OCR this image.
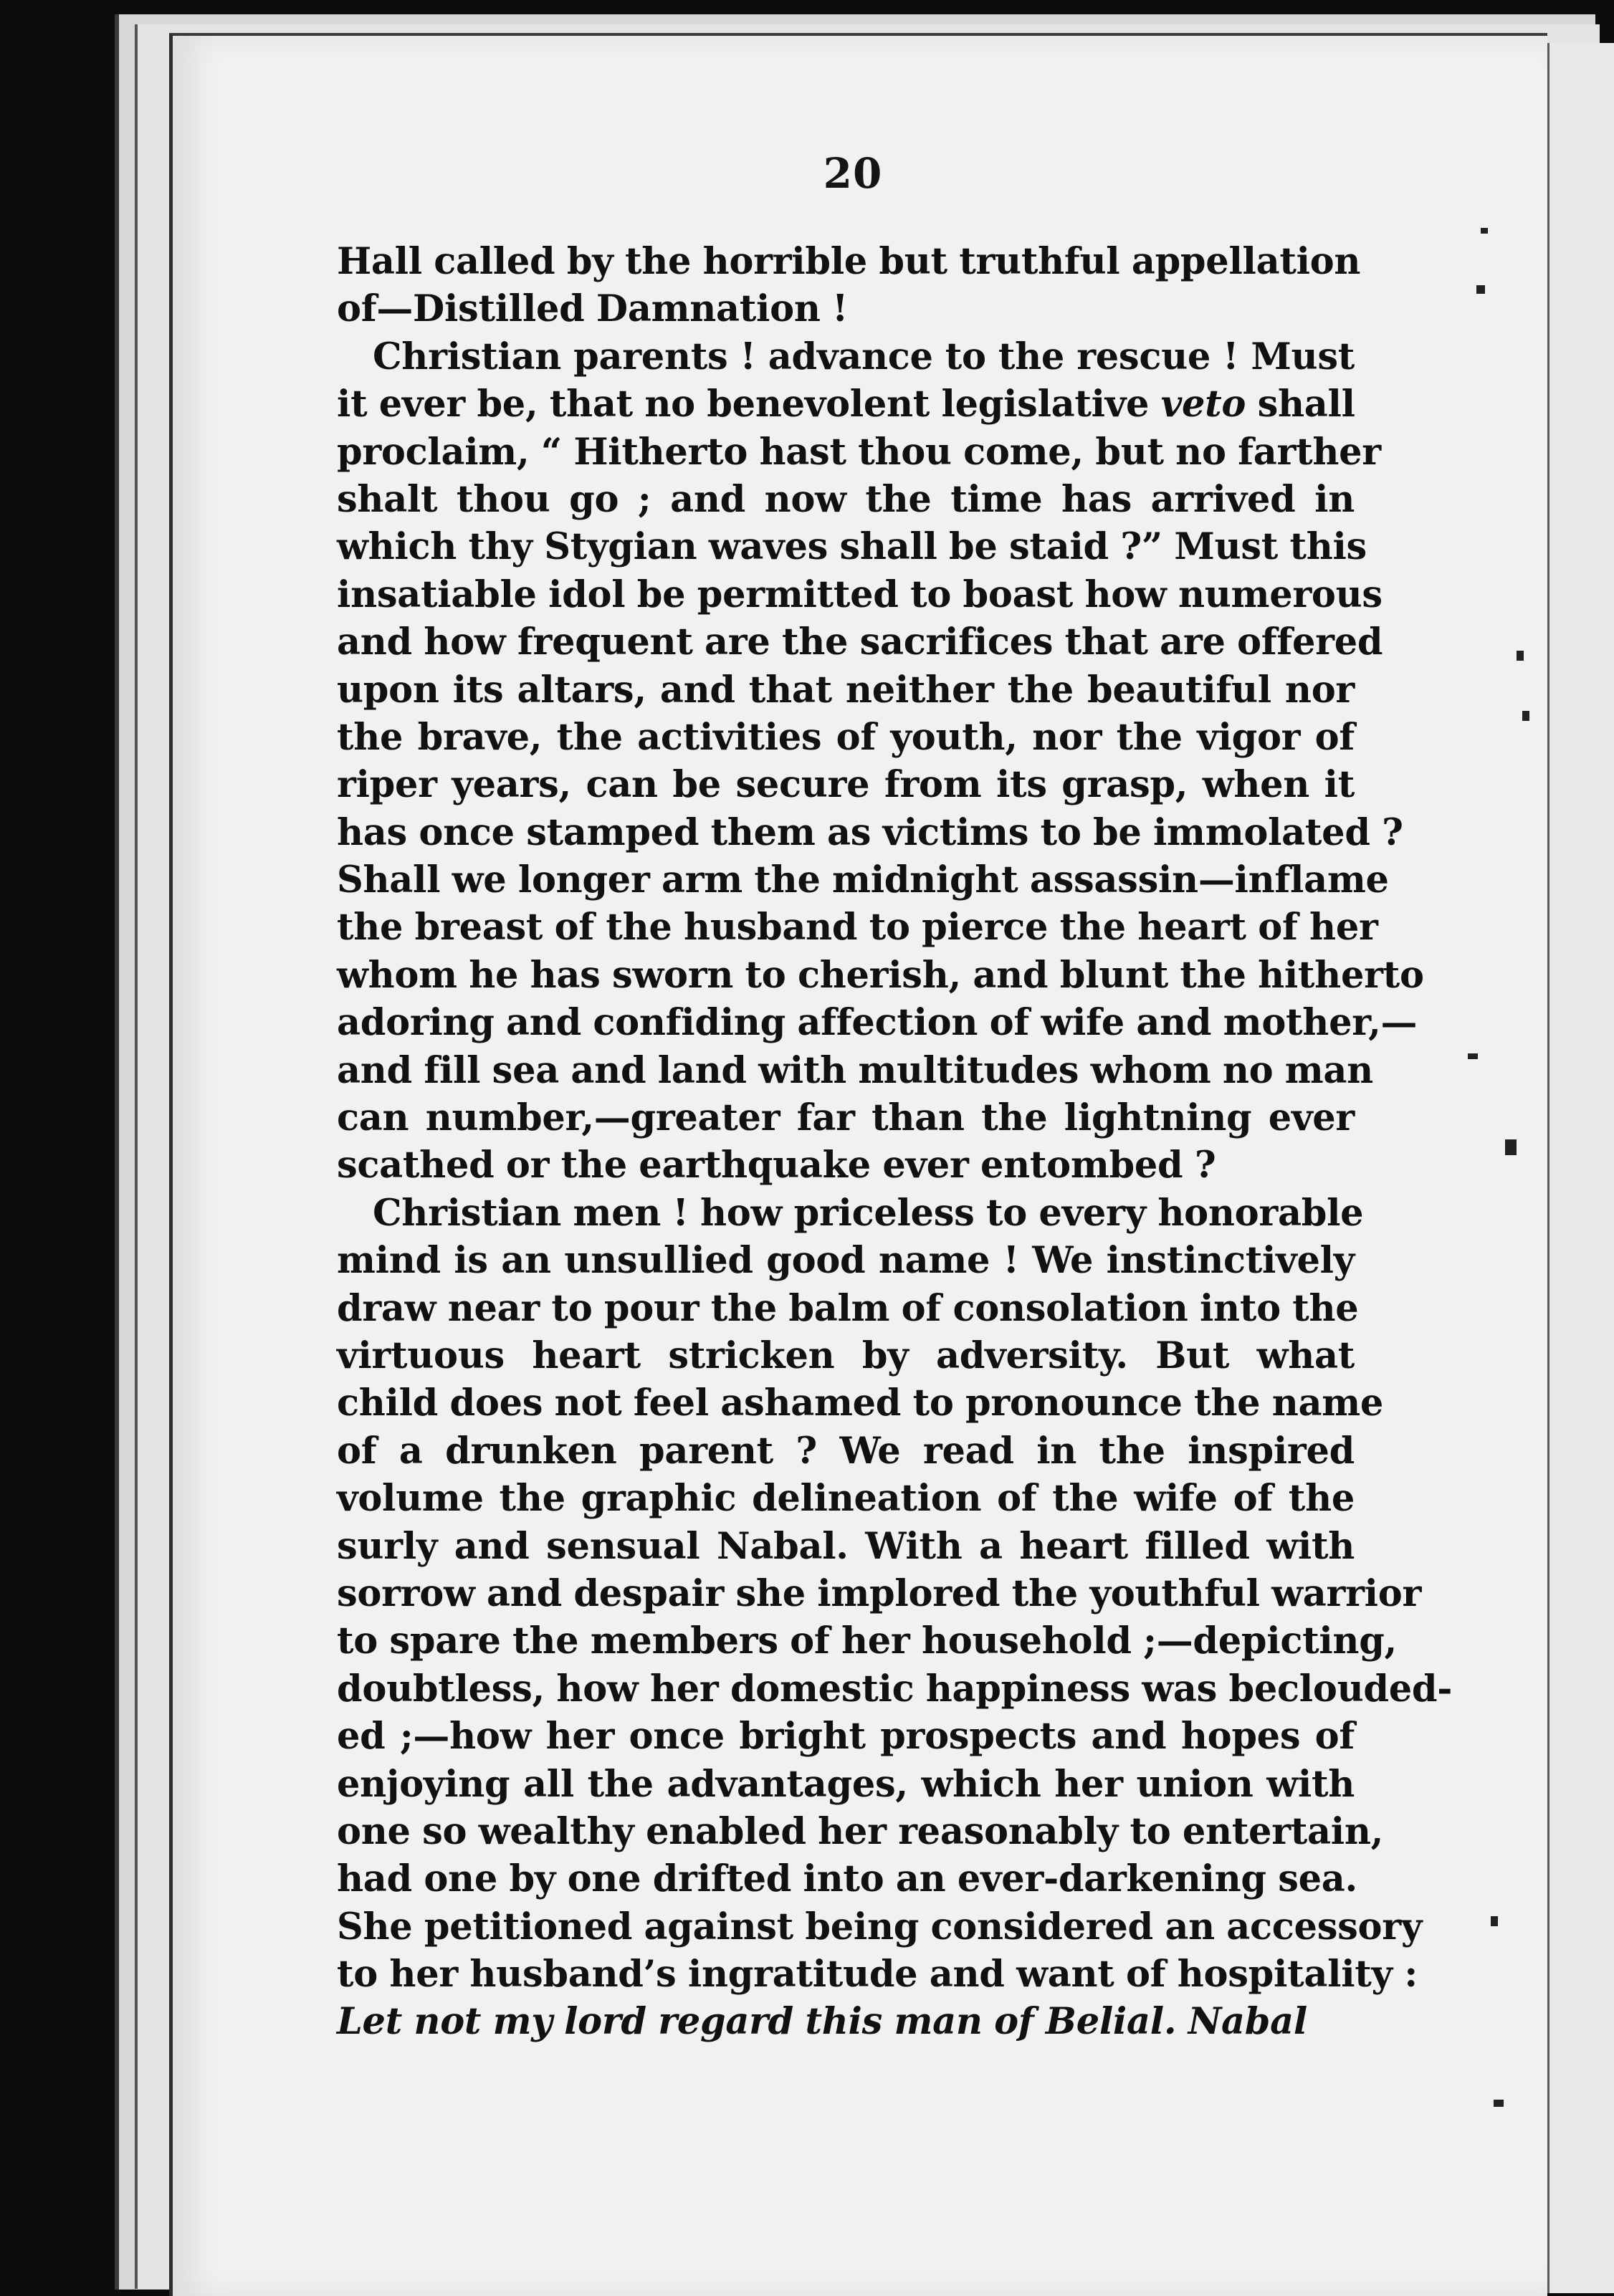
20
Hall called by the horrible but truthful appellation
of—Distilled Damnation !
Christian parents ! advance to the rescue ! Must
it ever be, that no benevolent legislative veto shall
proclaim, “ Hitherto hast thou come, but no farther
shalt thou go ; and now the time has arrived in
which thy Stygian waves shall be staid ?” Must this
insatiable idol be permitted to boast how numerous
and how frequent are the sacrifices that are offered
upon its altars, and that neither the beautiful nor
the brave, the activities of youth, nor the vigor of
riper years, can be secure from its grasp, when it
has once stamped them as victims to be immolated ?
Shall we longer arm the midnight assassin—inflame
the breast of the husband to pierce the heart of her
whom he has sworn to cherish, and blunt the hitherto
adoring and confiding affection of wife and mother,—
and fill sea and land with multitudes whom no man
can number,—greater far than the lightning ever
scathed or the earthquake ever entombed ?
Christian men ! how priceless to every honorable
mind is an unsullied good name ! We instinctively
draw near to pour the balm of consolation into the
virtuous heart stricken by adversity. But what
child does not feel ashamed to pronounce the name
of a drunken parent ? We read in the inspired
volume the graphic delineation of the wife of the
surly and sensual Nabal. With a heart filled with
sorrow and despair she implored the youthful warrior
to spare the members of her household ;—depicting,
doubtless, how her domestic happiness was beclouded-
ed ;—how her once bright prospects and hopes of
enjoying all the advantages, which her union with
one so wealthy enabled her reasonably to entertain,
had one by one drifted into an ever-darkening sea.
She petitioned against being considered an accessory
to her husband’s ingratitude and want of hospitality :
Let not my lord regard this man of Belial. Nabal
